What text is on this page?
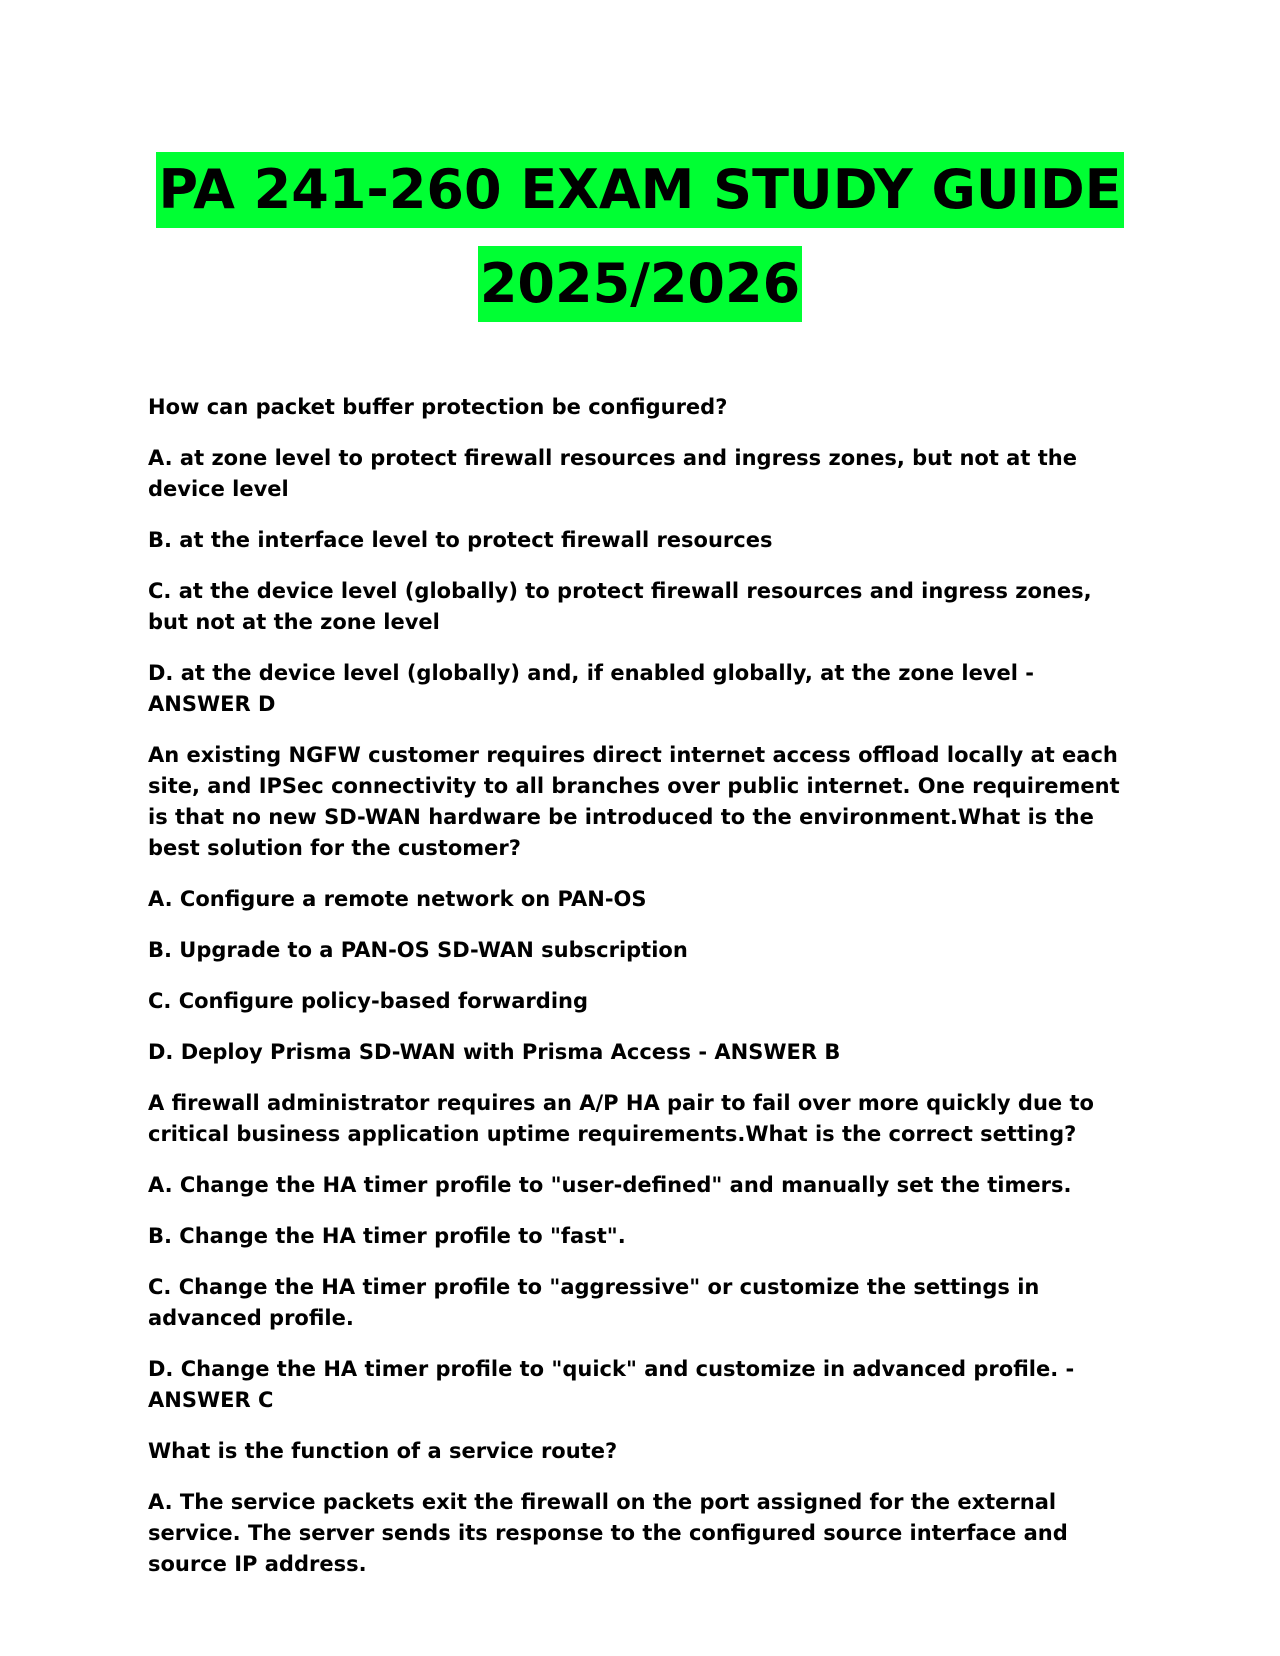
PA 241-260 EXAM STUDY GUIDE
2025/2026

How can packet buffer protection be configured?

A. at zone level to protect firewall resources and ingress zones, but not at the device level

B. at the interface level to protect firewall resources

C. at the device level (globally) to protect firewall resources and ingress zones, but not at the zone level

D. at the device level (globally) and, if enabled globally, at the zone level - ANSWER D

An existing NGFW customer requires direct internet access offload locally at each site, and IPSec connectivity to all branches over public internet. One requirement is that no new SD-WAN hardware be introduced to the environment.What is the best solution for the customer?

A. Configure a remote network on PAN-OS

B. Upgrade to a PAN-OS SD-WAN subscription

C. Configure policy-based forwarding

D. Deploy Prisma SD-WAN with Prisma Access - ANSWER B

A firewall administrator requires an A/P HA pair to fail over more quickly due to critical business application uptime requirements.What is the correct setting?

A. Change the HA timer profile to "user-defined" and manually set the timers.

B. Change the HA timer profile to "fast".

C. Change the HA timer profile to "aggressive" or customize the settings in advanced profile.

D. Change the HA timer profile to "quick" and customize in advanced profile. - ANSWER C

What is the function of a service route?

A. The service packets exit the firewall on the port assigned for the external service. The server sends its response to the configured source interface and source IP address.
